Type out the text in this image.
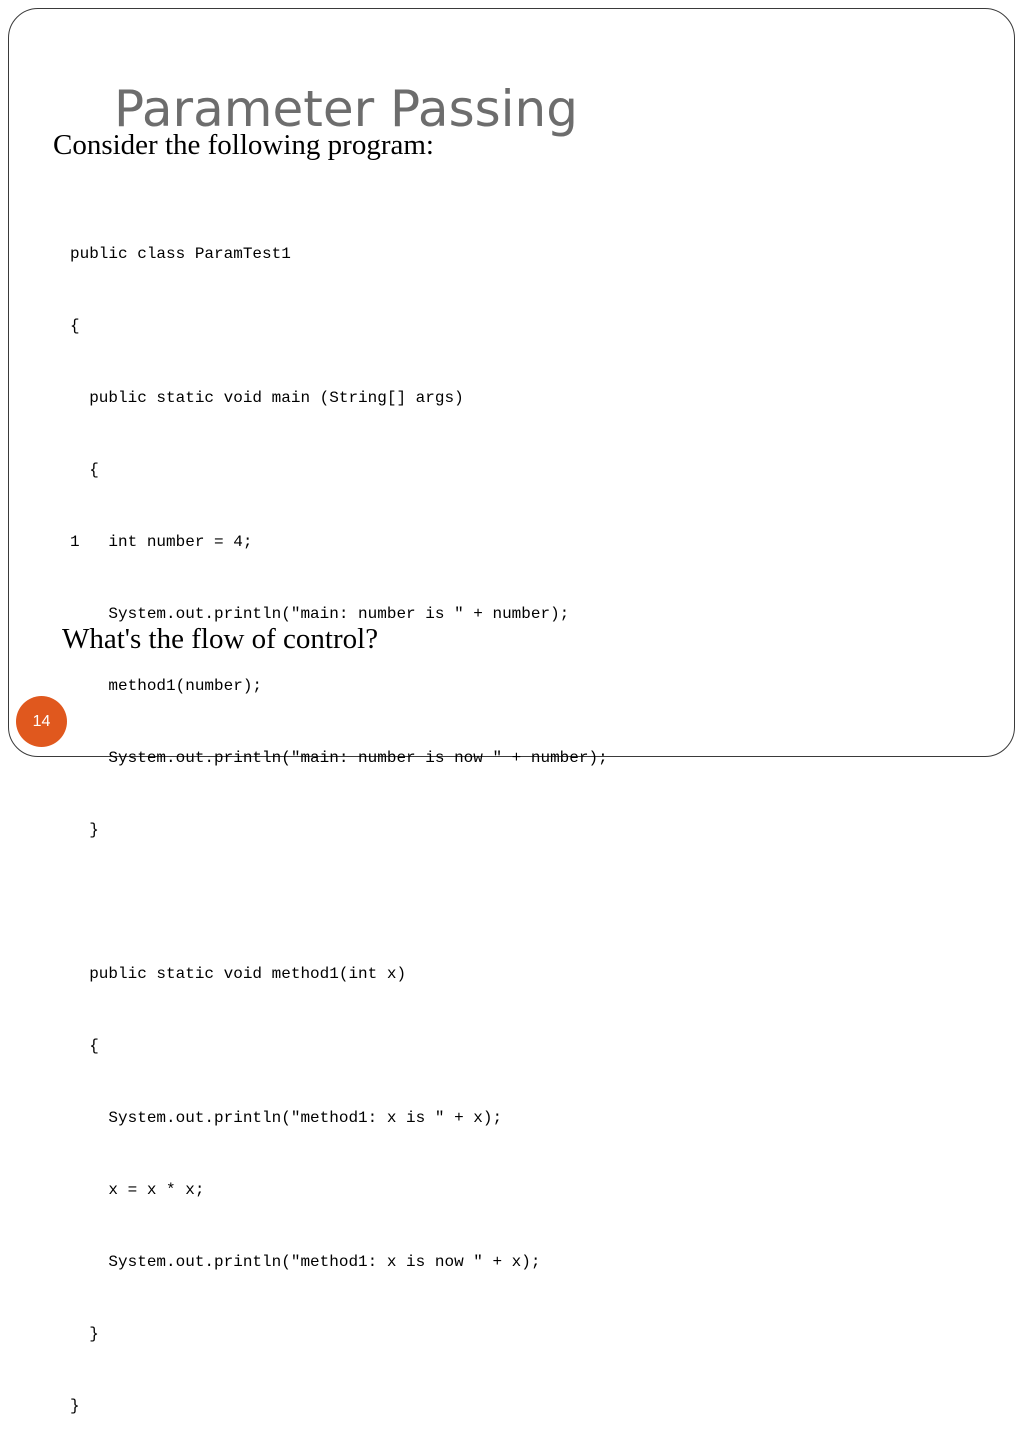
Parameter Passing

Consider the following program:

public class ParamTest1

{

public static void main (String[] args)

{

1   int number = 4;

System.out.println("main: number is " + number);

method1(number);

System.out.println("main: number is now " + number);

}

public static void method1(int x)

{

System.out.println("method1: x is " + x);

x = x * x;

System.out.println("method1: x is now " + x);

}

}

What's the flow of control?

14
